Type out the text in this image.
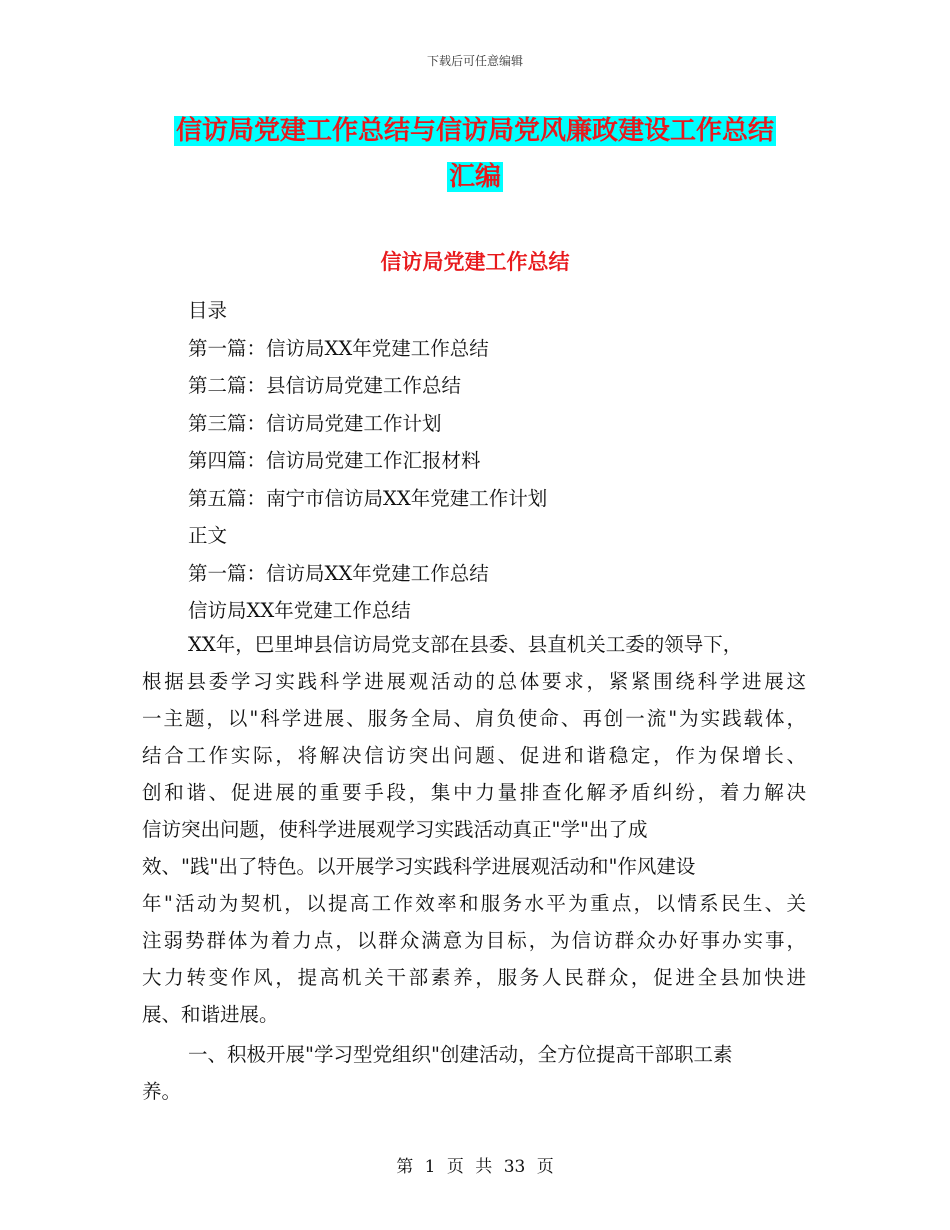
下载后可任意编辑
信访局党建工作总结与信访局党风廉政建设工作总结
汇编
信访局党建工作总结
目录
第一篇：信访局XX年党建工作总结
第二篇：县信访局党建工作总结
第三篇：信访局党建工作计划
第四篇：信访局党建工作汇报材料
第五篇：南宁市信访局XX年党建工作计划
正文
第一篇：信访局XX年党建工作总结
信访局XX年党建工作总结
XX年，巴里坤县信访局党支部在县委、县直机关工委的领导下，
根据县委学习实践科学进展观活动的总体要求，紧紧围绕科学进展这
一主题，以"科学进展、服务全局、肩负使命、再创一流"为实践载体，
结合工作实际，将解决信访突出问题、促进和谐稳定，作为保增长、
创和谐、促进展的重要手段，集中力量排查化解矛盾纠纷，着力解决
信访突出问题，使科学进展观学习实践活动真正"学"出了成
效、"践"出了特色。以开展学习实践科学进展观活动和"作风建设
年"活动为契机，以提高工作效率和服务水平为重点，以情系民生、关
注弱势群体为着力点，以群众满意为目标，为信访群众办好事办实事，
大力转变作风，提高机关干部素养，服务人民群众，促进全县加快进
展、和谐进展。
一、积极开展"学习型党组织"创建活动，全方位提高干部职工素
养。
第 1 页 共 33 页
